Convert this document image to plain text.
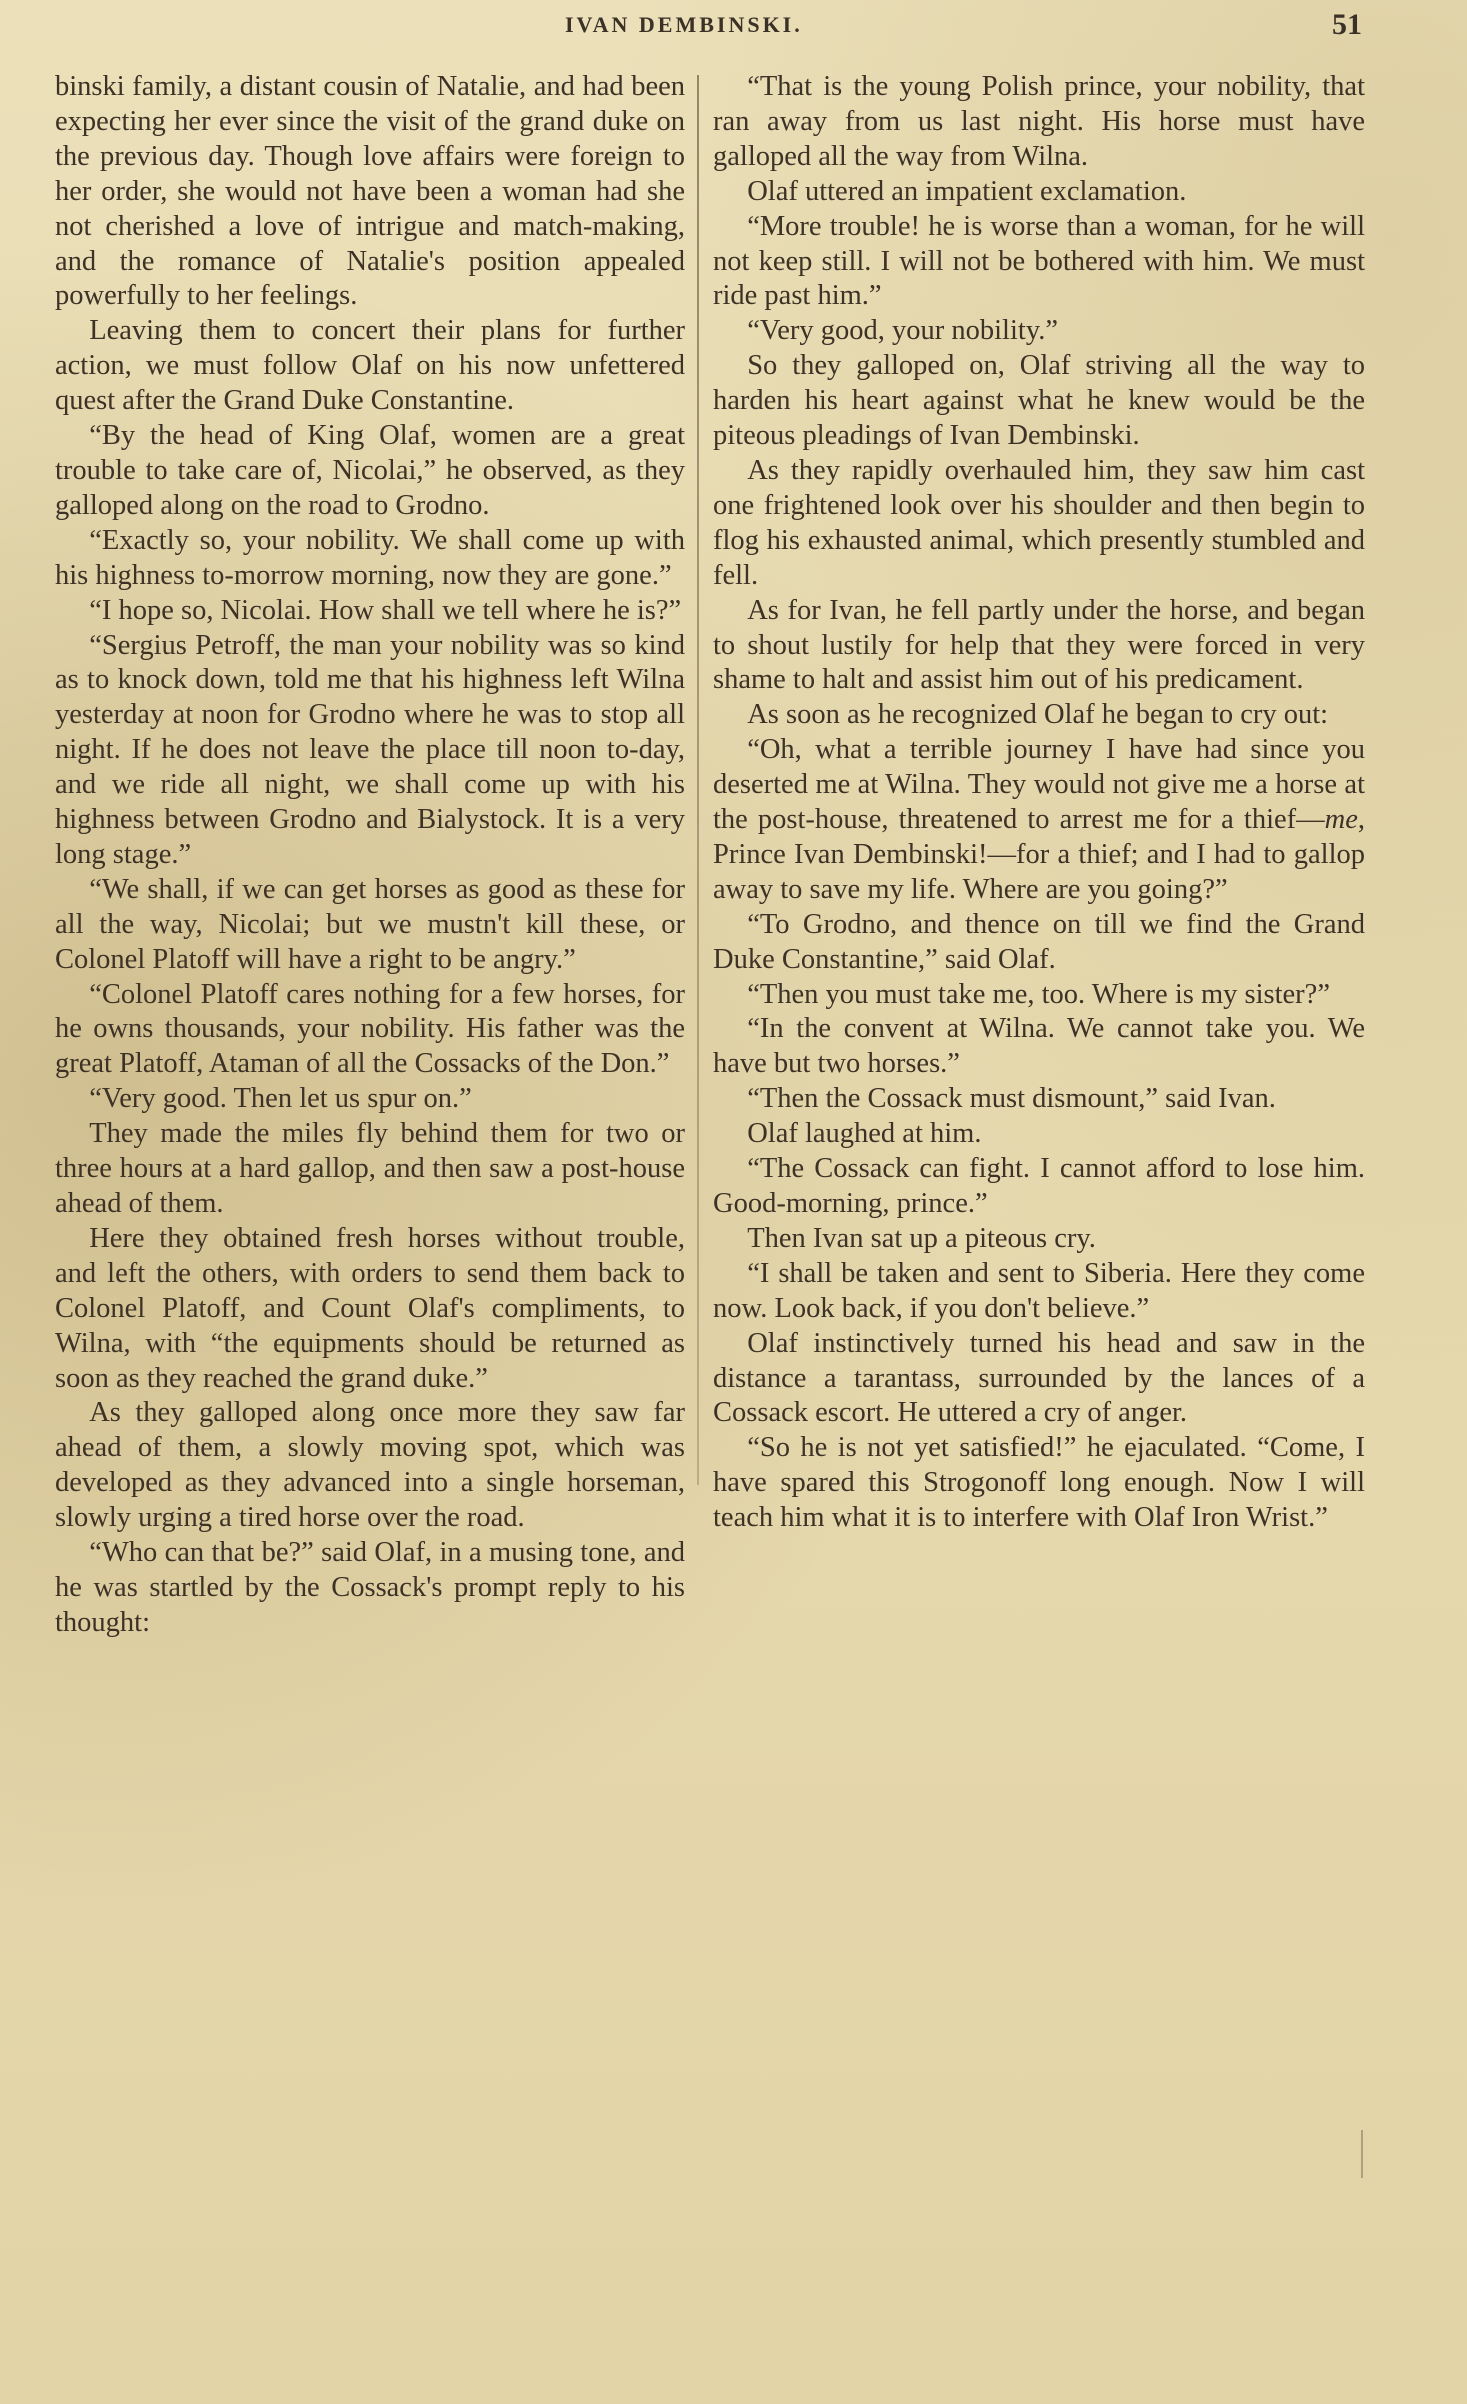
IVAN DEMBINSKI.	51

binski family, a distant cousin of Natalie, and had been expecting her ever since the visit of the grand duke on the previous day. Though love affairs were foreign to her order, she would not have been a woman had she not cherished a love of intrigue and match-making, and the romance of Natalie's position appealed powerfully to her feelings.

Leaving them to concert their plans for further action, we must follow Olaf on his now unfettered quest after the Grand Duke Constantine.

“By the head of King Olaf, women are a great trouble to take care of, Nicolai,” he observed, as they galloped along on the road to Grodno.

“Exactly so, your nobility. We shall come up with his highness to-morrow morning, now they are gone.”

“I hope so, Nicolai. How shall we tell where he is?”

“Sergius Petroff, the man your nobility was so kind as to knock down, told me that his highness left Wilna yesterday at noon for Grodno where he was to stop all night. If he does not leave the place till noon to-day, and we ride all night, we shall come up with his highness between Grodno and Bialystock. It is a very long stage.”

“We shall, if we can get horses as good as these for all the way, Nicolai; but we mustn't kill these, or Colonel Platoff will have a right to be angry.”

“Colonel Platoff cares nothing for a few horses, for he owns thousands, your nobility. His father was the great Platoff, Ataman of all the Cossacks of the Don.”

“Very good. Then let us spur on.”

They made the miles fly behind them for two or three hours at a hard gallop, and then saw a post-house ahead of them.

Here they obtained fresh horses without trouble, and left the others, with orders to send them back to Colonel Platoff, and Count Olaf's compliments, to Wilna, with “the equipments should be returned as soon as they reached the grand duke.”

As they galloped along once more they saw far ahead of them, a slowly moving spot, which was developed as they advanced into a single horseman, slowly urging a tired horse over the road.

“Who can that be?” said Olaf, in a musing tone, and he was startled by the Cossack's prompt reply to his thought:

“That is the young Polish prince, your nobility, that ran away from us last night. His horse must have galloped all the way from Wilna.

Olaf uttered an impatient exclamation.

“More trouble! he is worse than a woman, for he will not keep still. I will not be bothered with him. We must ride past him.”

“Very good, your nobility.”

So they galloped on, Olaf striving all the way to harden his heart against what he knew would be the piteous pleadings of Ivan Dembinski.

As they rapidly overhauled him, they saw him cast one frightened look over his shoulder and then begin to flog his exhausted animal, which presently stumbled and fell.

As for Ivan, he fell partly under the horse, and began to shout lustily for help that they were forced in very shame to halt and assist him out of his predicament.

As soon as he recognized Olaf he began to cry out:

“Oh, what a terrible journey I have had since you deserted me at Wilna. They would not give me a horse at the post-house, threatened to arrest me for a thief—me, Prince Ivan Dembinski!—for a thief; and I had to gallop away to save my life. Where are you going?”

“To Grodno, and thence on till we find the Grand Duke Constantine,” said Olaf.

“Then you must take me, too. Where is my sister?”

“In the convent at Wilna. We cannot take you. We have but two horses.”

“Then the Cossack must dismount,” said Ivan.

Olaf laughed at him.

“The Cossack can fight. I cannot afford to lose him. Good-morning, prince.”

Then Ivan sat up a piteous cry.

“I shall be taken and sent to Siberia. Here they come now. Look back, if you don't believe.”

Olaf instinctively turned his head and saw in the distance a tarantass, surrounded by the lances of a Cossack escort. He uttered a cry of anger.

“So he is not yet satisfied!” he ejaculated. “Come, I have spared this Strogonoff long enough. Now I will teach him what it is to interfere with Olaf Iron Wrist.”
